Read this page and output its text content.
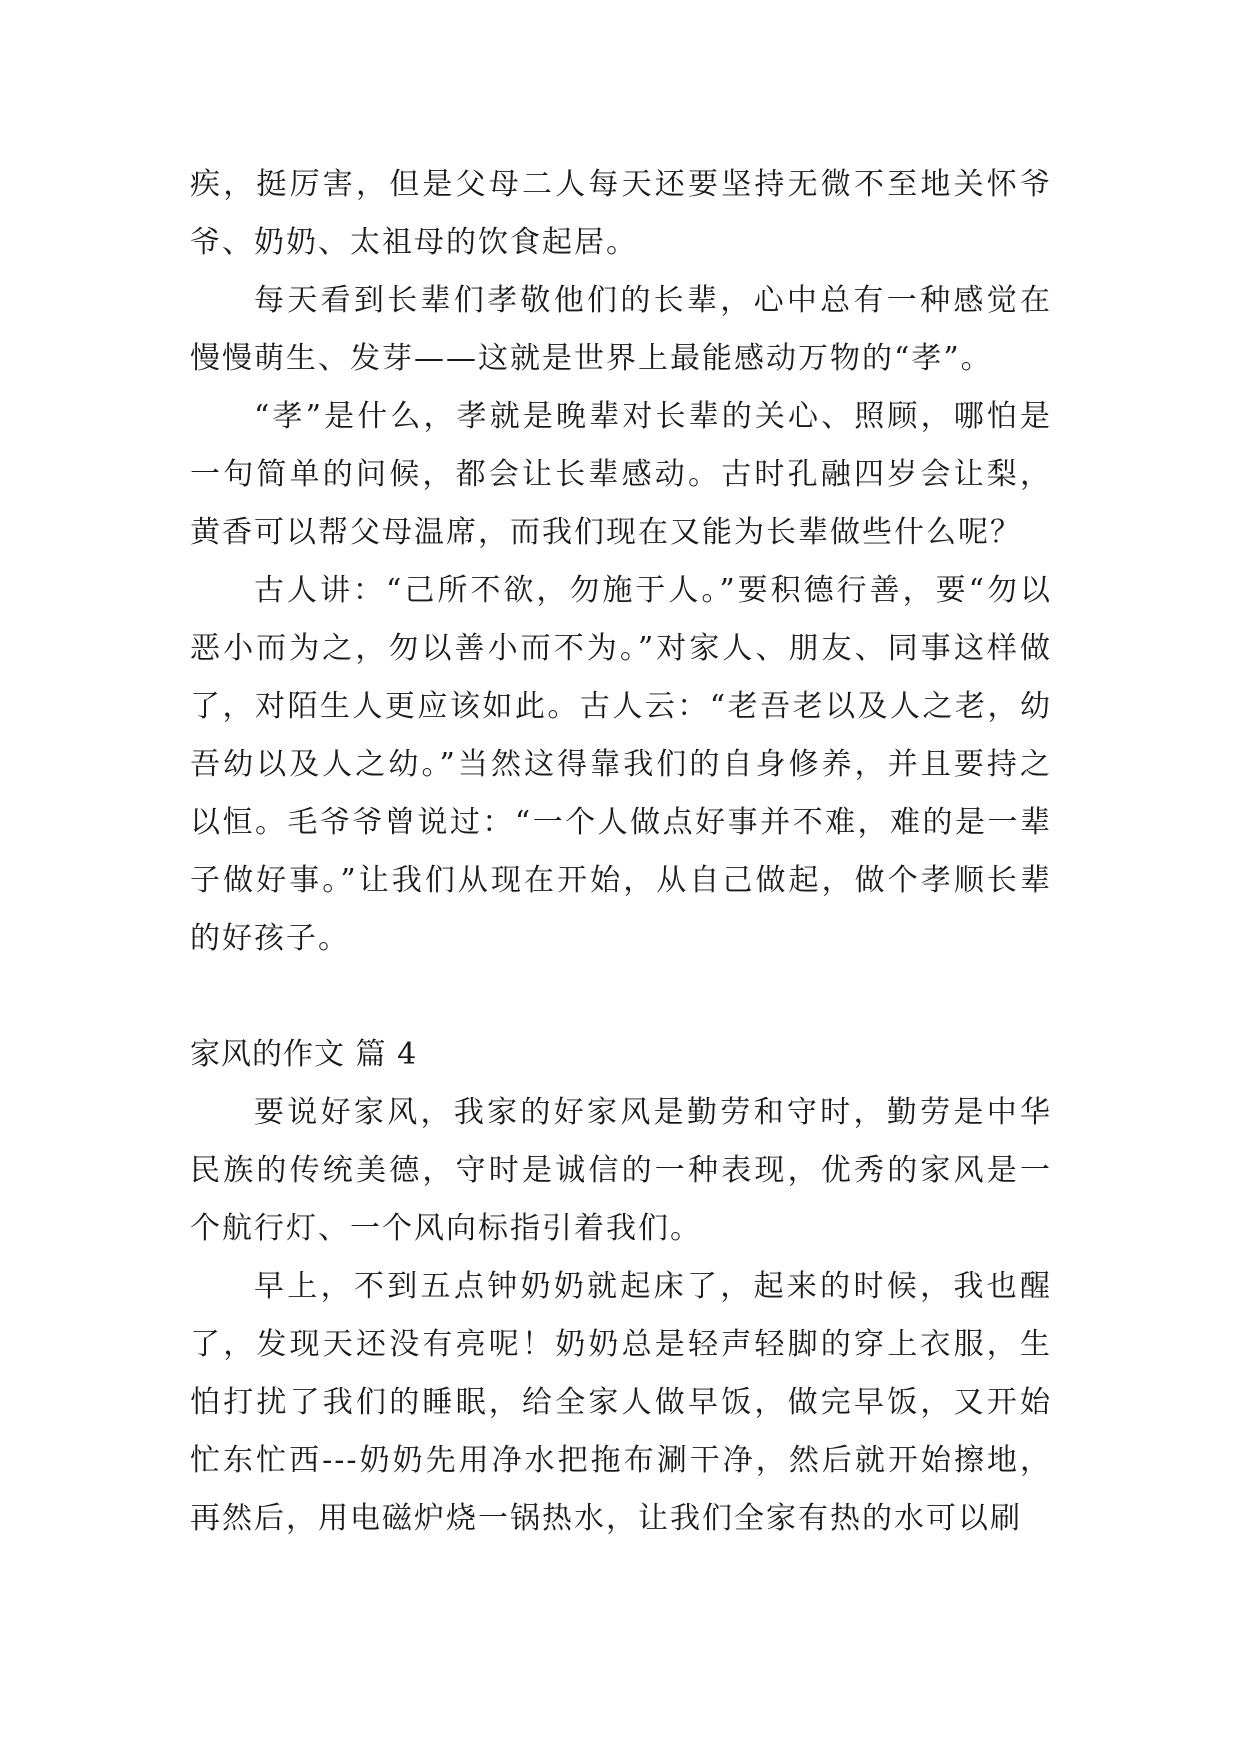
疾，挺厉害，但是父母二人每天还要坚持无微不至地关怀爷爷、奶奶、太祖母的饮食起居。

每天看到长辈们孝敬他们的长辈，心中总有一种感觉在慢慢萌生、发芽——这就是世界上最能感动万物的“孝”。

“孝”是什么，孝就是晚辈对长辈的关心、照顾，哪怕是一句简单的问候，都会让长辈感动。古时孔融四岁会让梨，黄香可以帮父母温席，而我们现在又能为长辈做些什么呢？

古人讲：“己所不欲，勿施于人。”要积德行善，要“勿以恶小而为之，勿以善小而不为。”对家人、朋友、同事这样做了，对陌生人更应该如此。古人云：“老吾老以及人之老，幼吾幼以及人之幼。”当然这得靠我们的自身修养，并且要持之以恒。毛爷爷曾说过：“一个人做点好事并不难，难的是一辈子做好事。”让我们从现在开始，从自己做起，做个孝顺长辈的好孩子。

家风的作文 篇 4

要说好家风，我家的好家风是勤劳和守时，勤劳是中华民族的传统美德，守时是诚信的一种表现，优秀的家风是一个航行灯、一个风向标指引着我们。

早上，不到五点钟奶奶就起床了，起来的时候，我也醒了，发现天还没有亮呢！奶奶总是轻声轻脚的穿上衣服，生怕打扰了我们的睡眠，给全家人做早饭，做完早饭，又开始忙东忙西---奶奶先用净水把拖布涮干净，然后就开始擦地，再然后，用电磁炉烧一锅热水，让我们全家有热的水可以刷
